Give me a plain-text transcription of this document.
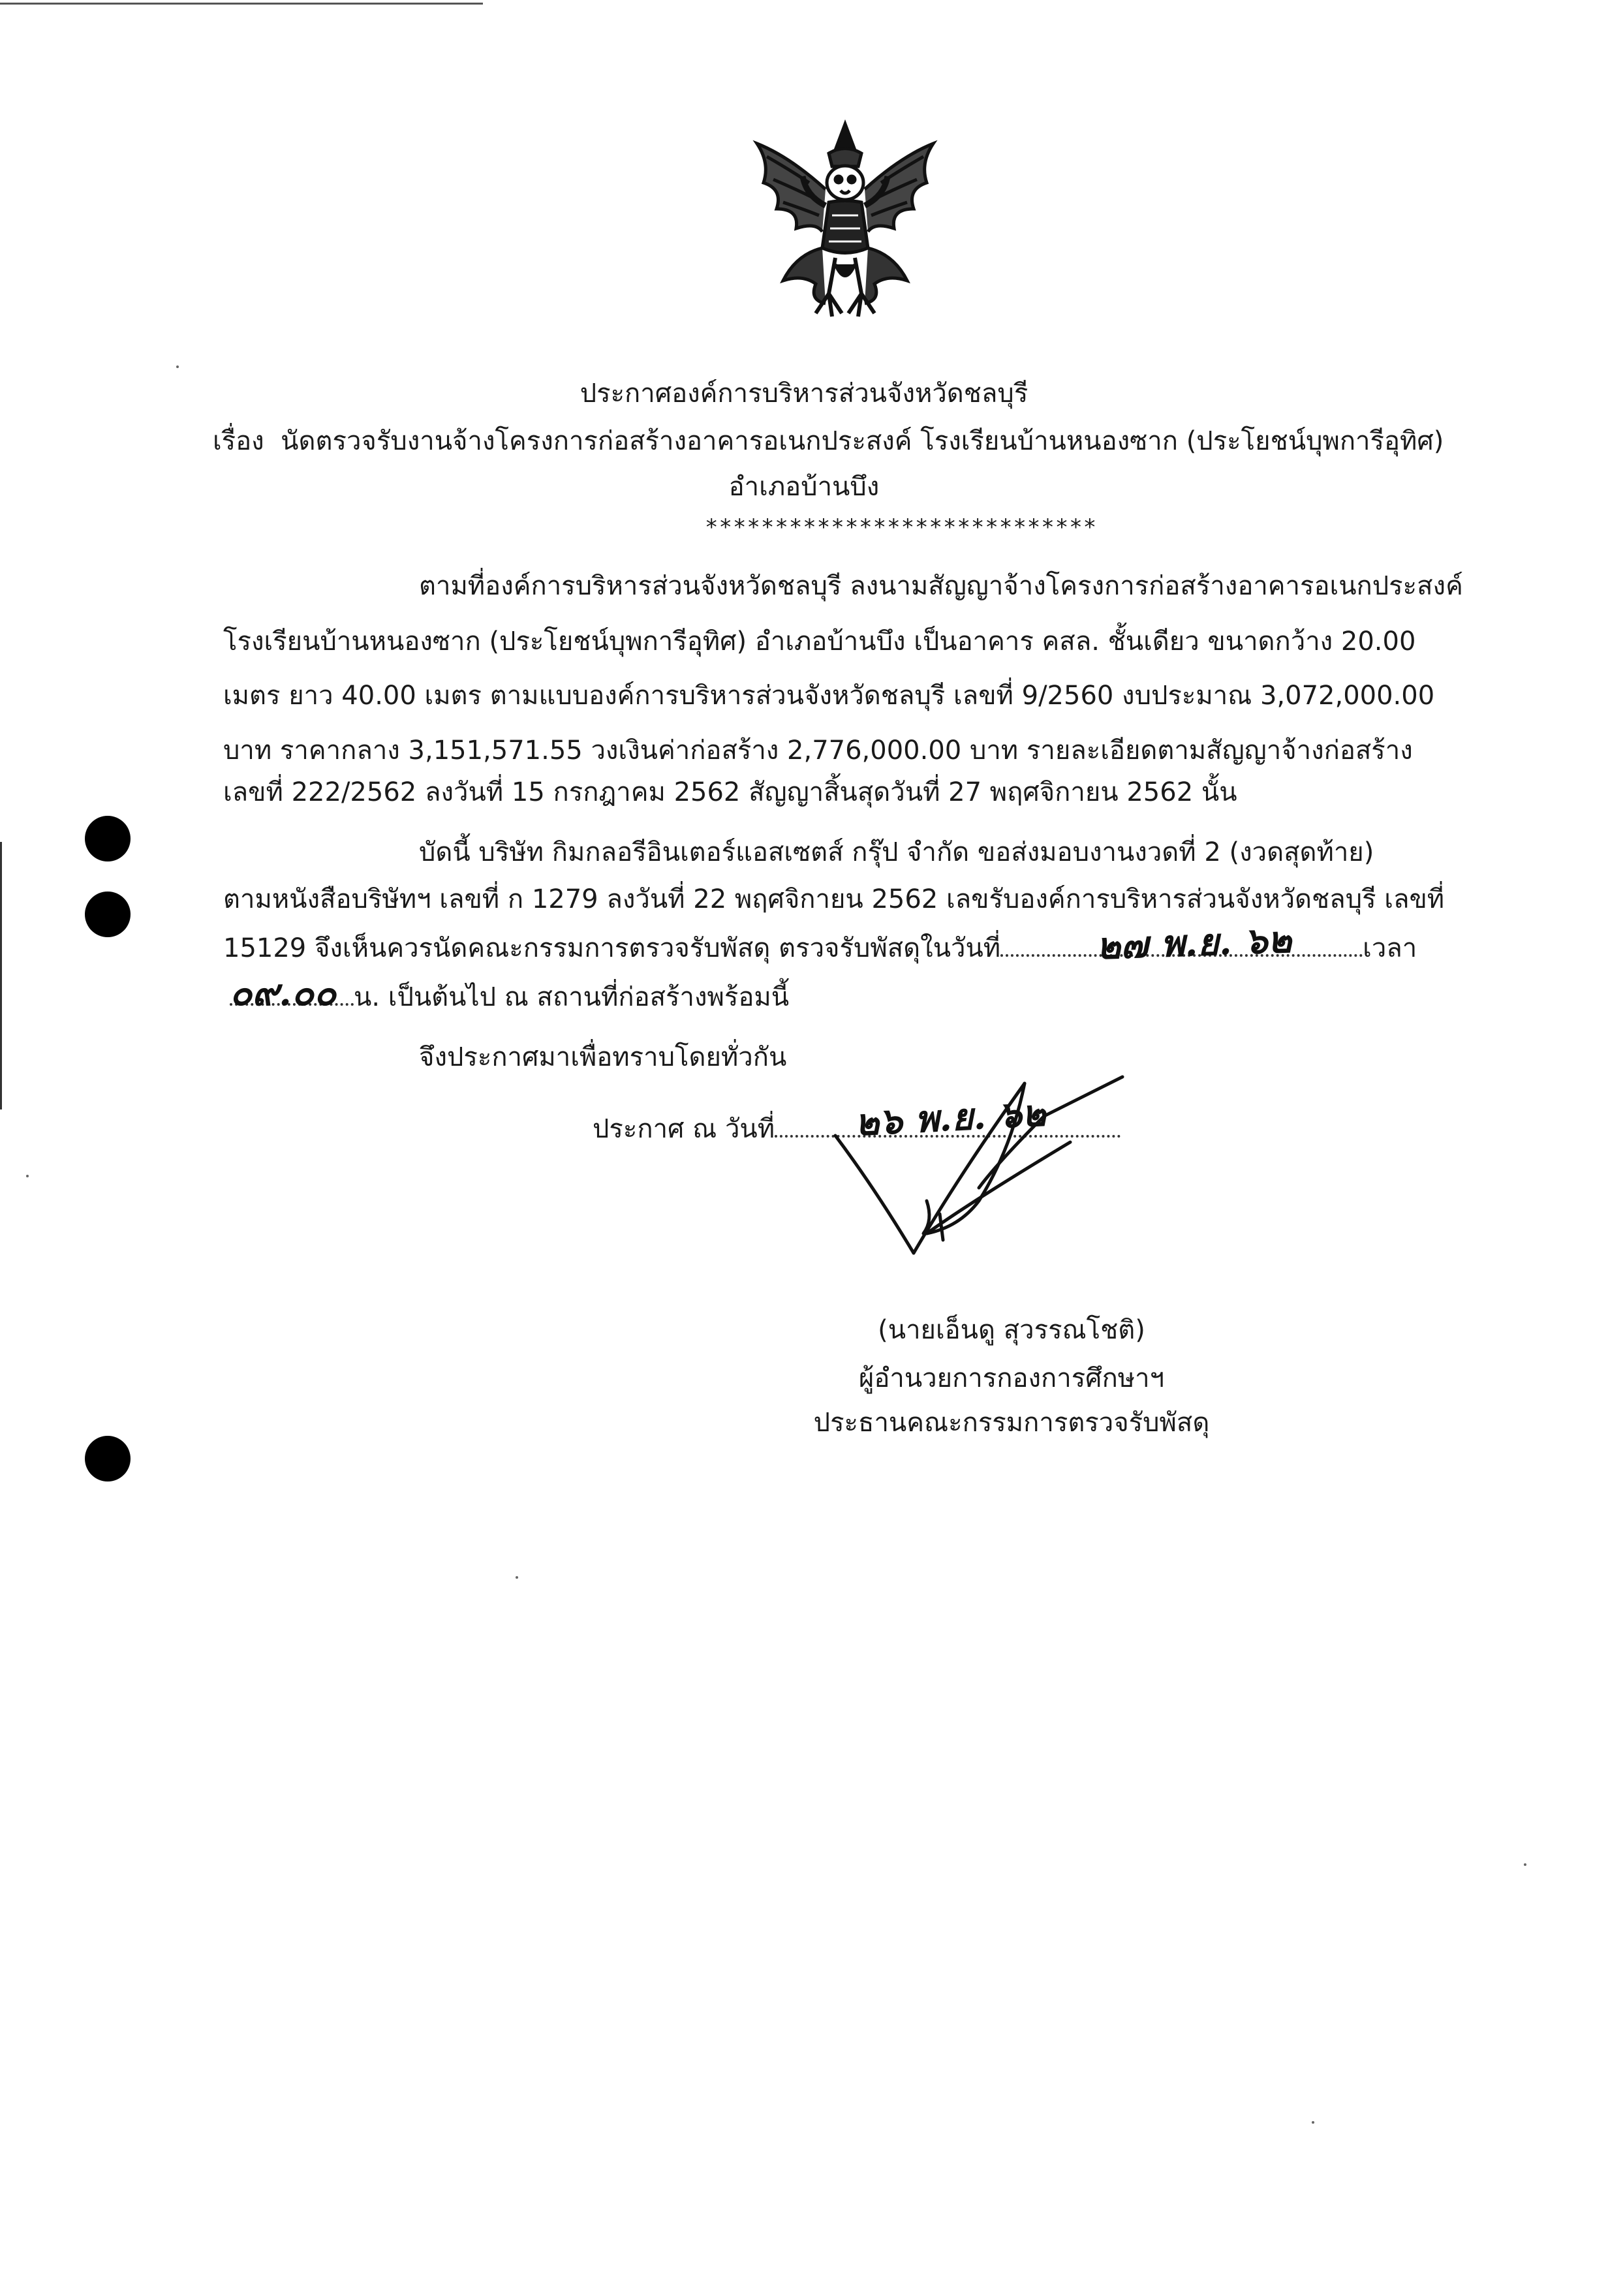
ประกาศองค์การบริหารส่วนจังหวัดชลบุรี
เรื่อง นัดตรวจรับงานจ้างโครงการก่อสร้างอาคารอเนกประสงค์ โรงเรียนบ้านหนองซาก (ประโยชน์บุพการีอุทิศ)
อำเภอบ้านบึง
****************************
ตามที่องค์การบริหารส่วนจังหวัดชลบุรี ลงนามสัญญาจ้างโครงการก่อสร้างอาคารอเนกประสงค์
โรงเรียนบ้านหนองซาก (ประโยชน์บุพการีอุทิศ) อำเภอบ้านบึง เป็นอาคาร คสล. ชั้นเดียว ขนาดกว้าง 20.00
เมตร ยาว 40.00 เมตร ตามแบบองค์การบริหารส่วนจังหวัดชลบุรี เลขที่ 9/2560 งบประมาณ 3,072,000.00
บาท ราคากลาง 3,151,571.55 วงเงินค่าก่อสร้าง 2,776,000.00 บาท รายละเอียดตามสัญญาจ้างก่อสร้าง
เลขที่ 222/2562 ลงวันที่ 15 กรกฎาคม 2562 สัญญาสิ้นสุดวันที่ 27 พฤศจิกายน 2562 นั้น
บัดนี้ บริษัท กิมกลอรีอินเตอร์แอสเซตส์ กรุ๊ป จำกัด ขอส่งมอบงานงวดที่ 2 (งวดสุดท้าย)
ตามหนังสือบริษัทฯ เลขที่ ก 1279 ลงวันที่ 22 พฤศจิกายน 2562 เลขรับองค์การบริหารส่วนจังหวัดชลบุรี เลขที่
15129 จึงเห็นควรนัดคณะกรรมการตรวจรับพัสดุ ตรวจรับพัสดุในวันที่	เวลา
๒๗ พ.ย. ๖๒
น. เป็นต้นไป ณ สถานที่ก่อสร้างพร้อมนี้
๐๙.๐๐
จึงประกาศมาเพื่อทราบโดยทั่วกัน
ประกาศ ณ วันที่	๒๖ พ.ย. ๖๒
(นายเอ็นดู สุวรรณโชติ)
ผู้อำนวยการกองการศึกษาฯ
ประธานคณะกรรมการตรวจรับพัสดุ
